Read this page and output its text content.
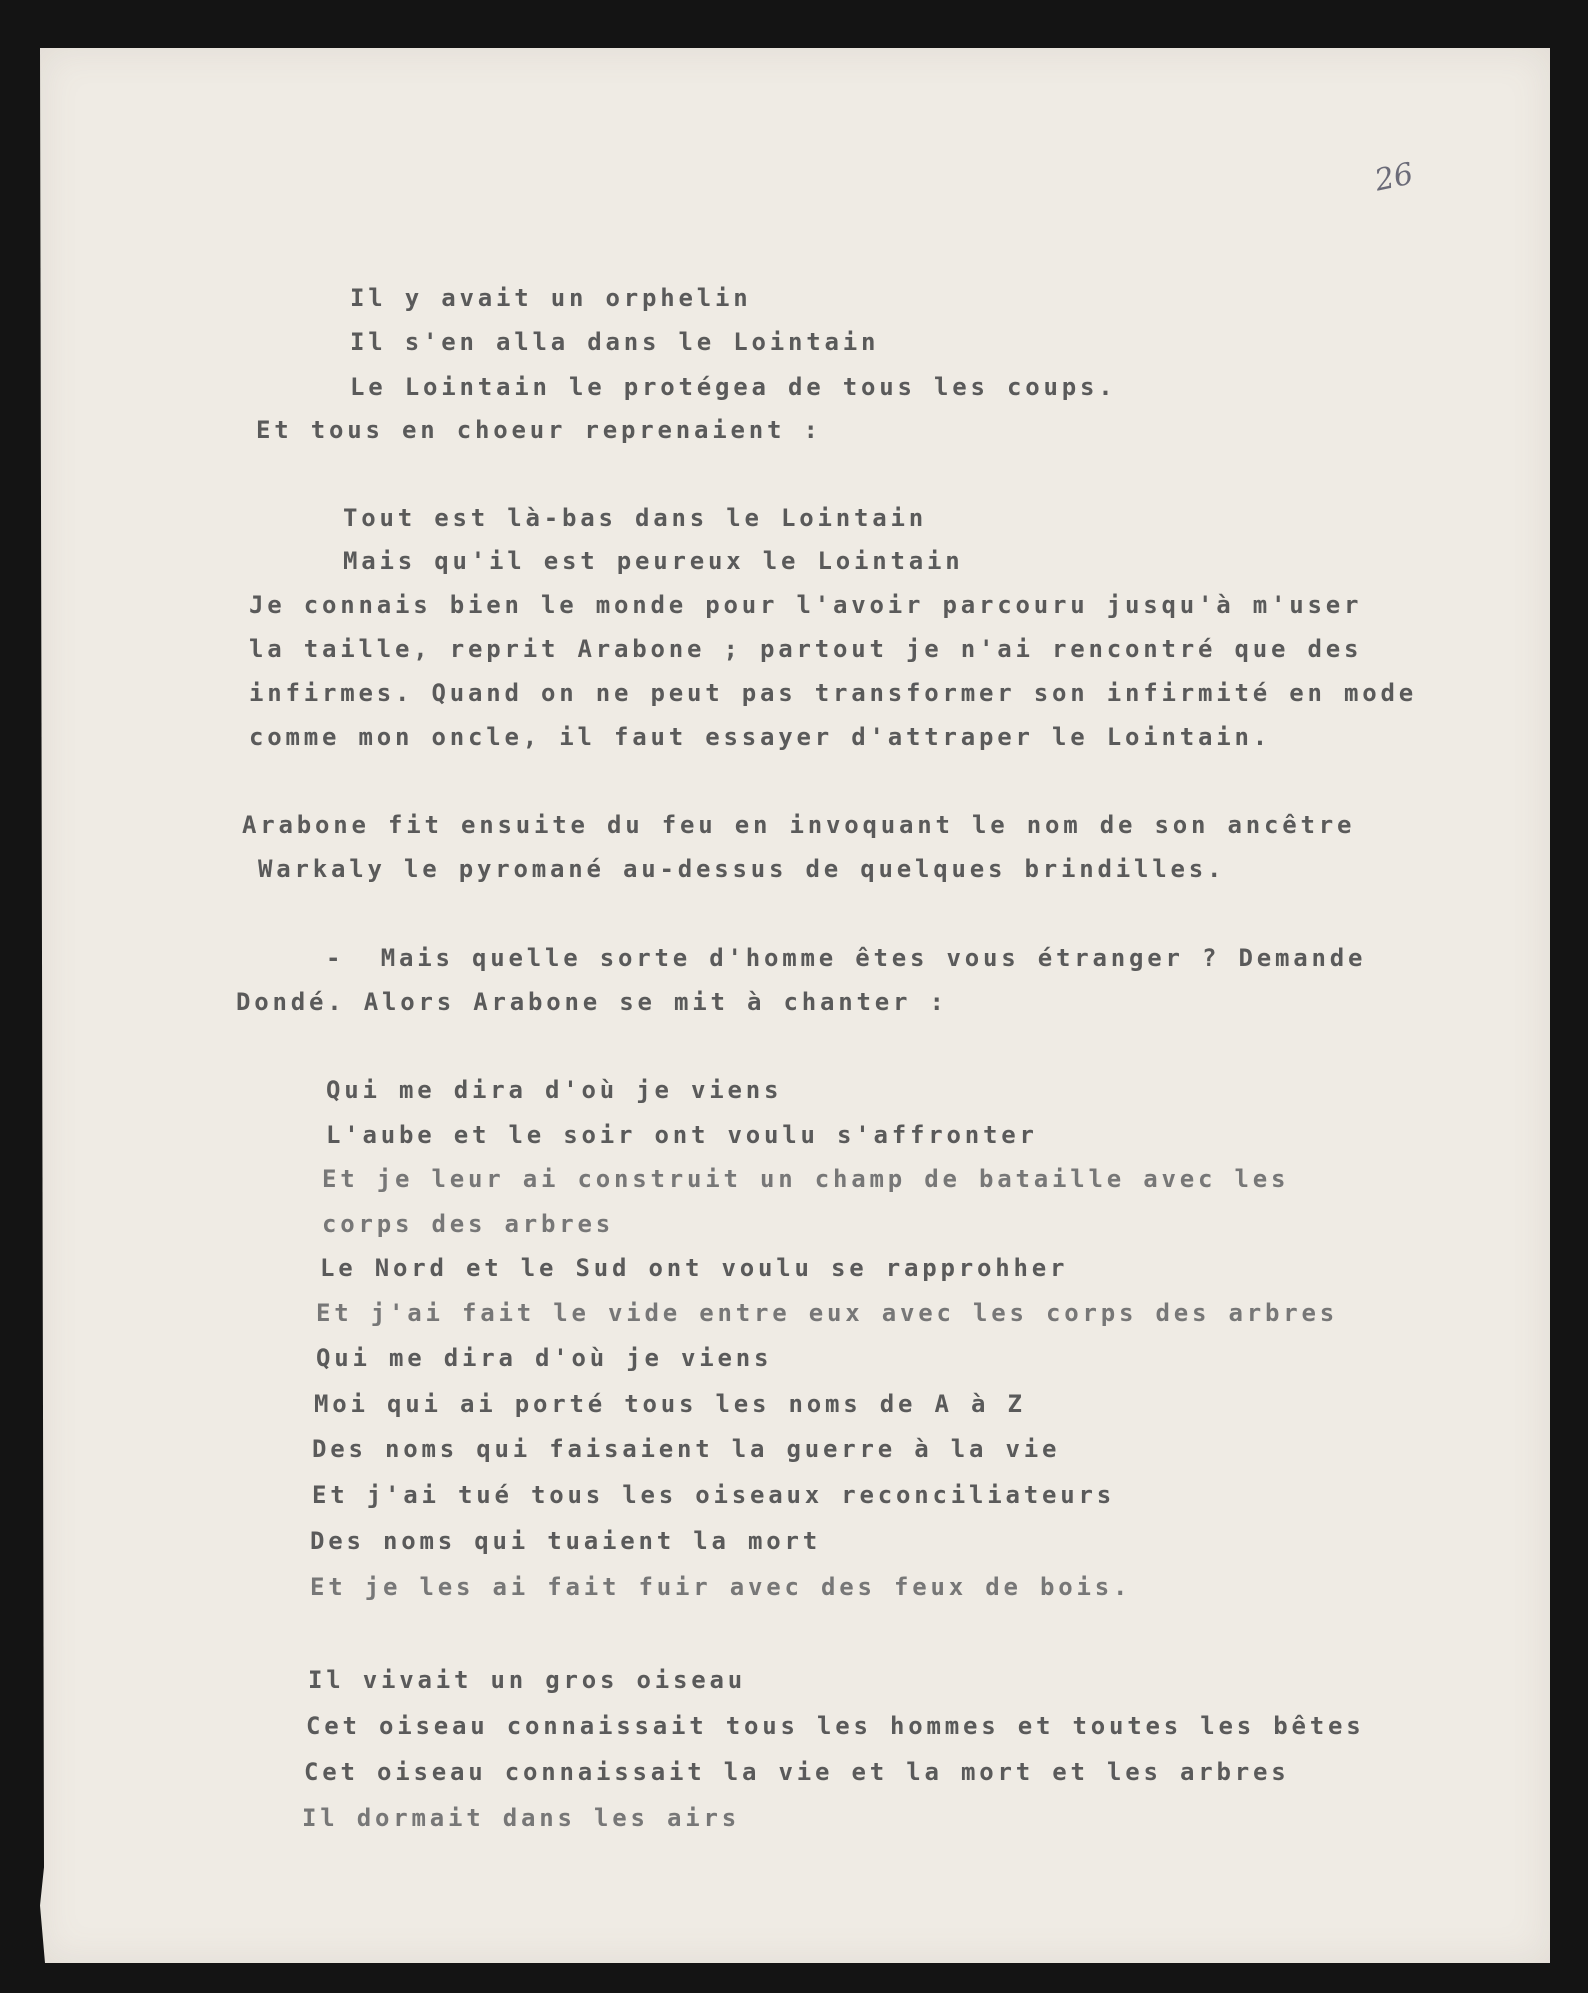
26

Il y avait un orphelin

Il s'en alla dans le Lointain

Le Lointain le protégea de tous les coups.

Et tous en choeur reprenaient :

Tout est là-bas dans le Lointain

Mais qu'il est peureux le Lointain

Je connais bien le monde pour l'avoir parcouru jusqu'à m'user

la taille, reprit Arabone ; partout je n'ai rencontré que des

infirmes. Quand on ne peut pas transformer son infirmité en mode

comme mon oncle, il faut essayer d'attraper le Lointain.

Arabone fit ensuite du feu en invoquant le nom de son ancêtre

Warkaly le pyromané au-dessus de quelques brindilles.

-  Mais quelle sorte d'homme êtes vous étranger ? Demande

Dondé. Alors Arabone se mit à chanter :

Qui me dira d'où je viens

L'aube et le soir ont voulu s'affronter

Et je leur ai construit un champ de bataille avec les

corps des arbres

Le Nord et le Sud ont voulu se rapprohher

Et j'ai fait le vide entre eux avec les corps des arbres

Qui me dira d'où je viens

Moi qui ai porté tous les noms de A à Z

Des noms qui faisaient la guerre à la vie

Et j'ai tué tous les oiseaux reconciliateurs

Des noms qui tuaient la mort

Et je les ai fait fuir avec des feux de bois.

Il vivait un gros oiseau

Cet oiseau connaissait tous les hommes et toutes les bêtes

Cet oiseau connaissait la vie et la mort et les arbres

Il dormait dans les airs
